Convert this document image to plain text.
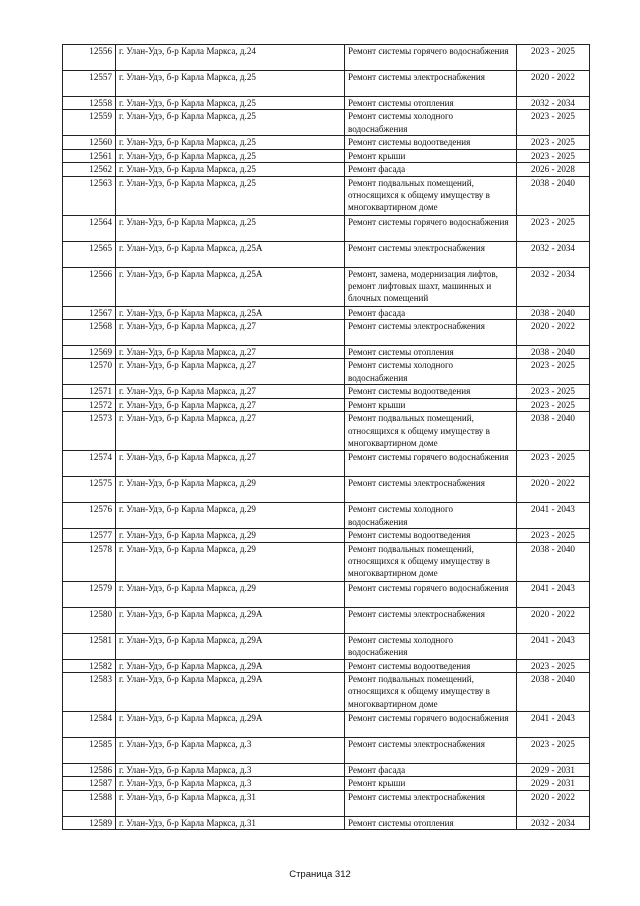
12556	г. Улан-Удэ, б-р Карла Маркса, д.24	Ремонт системы горячего водоснабжения	2023 - 2025
12557	г. Улан-Удэ, б-р Карла Маркса, д.25	Ремонт системы электроснабжения	2020 - 2022
12558	г. Улан-Удэ, б-р Карла Маркса, д.25	Ремонт системы отопления	2032 - 2034
12559	г. Улан-Удэ, б-р Карла Маркса, д.25	Ремонт системы холодного водоснабжения	2023 - 2025
12560	г. Улан-Удэ, б-р Карла Маркса, д.25	Ремонт системы водоотведения	2023 - 2025
12561	г. Улан-Удэ, б-р Карла Маркса, д.25	Ремонт крыши	2023 - 2025
12562	г. Улан-Удэ, б-р Карла Маркса, д.25	Ремонт фасада	2026 - 2028
12563	г. Улан-Удэ, б-р Карла Маркса, д.25	Ремонт подвальных помещений, относящихся к общему имуществу в многоквартирном доме	2038 - 2040
12564	г. Улан-Удэ, б-р Карла Маркса, д.25	Ремонт системы горячего водоснабжения	2023 - 2025
12565	г. Улан-Удэ, б-р Карла Маркса, д.25А	Ремонт системы электроснабжения	2032 - 2034
12566	г. Улан-Удэ, б-р Карла Маркса, д.25А	Ремонт, замена, модернизация лифтов, ремонт лифтовых шахт, машинных и блочных помещений	2032 - 2034
12567	г. Улан-Удэ, б-р Карла Маркса, д.25А	Ремонт фасада	2038 - 2040
12568	г. Улан-Удэ, б-р Карла Маркса, д.27	Ремонт системы электроснабжения	2020 - 2022
12569	г. Улан-Удэ, б-р Карла Маркса, д.27	Ремонт системы отопления	2038 - 2040
12570	г. Улан-Удэ, б-р Карла Маркса, д.27	Ремонт системы холодного водоснабжения	2023 - 2025
12571	г. Улан-Удэ, б-р Карла Маркса, д.27	Ремонт системы водоотведения	2023 - 2025
12572	г. Улан-Удэ, б-р Карла Маркса, д.27	Ремонт крыши	2023 - 2025
12573	г. Улан-Удэ, б-р Карла Маркса, д.27	Ремонт подвальных помещений, относящихся к общему имуществу в многоквартирном доме	2038 - 2040
12574	г. Улан-Удэ, б-р Карла Маркса, д.27	Ремонт системы горячего водоснабжения	2023 - 2025
12575	г. Улан-Удэ, б-р Карла Маркса, д.29	Ремонт системы электроснабжения	2020 - 2022
12576	г. Улан-Удэ, б-р Карла Маркса, д.29	Ремонт системы холодного водоснабжения	2041 - 2043
12577	г. Улан-Удэ, б-р Карла Маркса, д.29	Ремонт системы водоотведения	2023 - 2025
12578	г. Улан-Удэ, б-р Карла Маркса, д.29	Ремонт подвальных помещений, относящихся к общему имуществу в многоквартирном доме	2038 - 2040
12579	г. Улан-Удэ, б-р Карла Маркса, д.29	Ремонт системы горячего водоснабжения	2041 - 2043
12580	г. Улан-Удэ, б-р Карла Маркса, д.29А	Ремонт системы электроснабжения	2020 - 2022
12581	г. Улан-Удэ, б-р Карла Маркса, д.29А	Ремонт системы холодного водоснабжения	2041 - 2043
12582	г. Улан-Удэ, б-р Карла Маркса, д.29А	Ремонт системы водоотведения	2023 - 2025
12583	г. Улан-Удэ, б-р Карла Маркса, д.29А	Ремонт подвальных помещений, относящихся к общему имуществу в многоквартирном доме	2038 - 2040
12584	г. Улан-Удэ, б-р Карла Маркса, д.29А	Ремонт системы горячего водоснабжения	2041 - 2043
12585	г. Улан-Удэ, б-р Карла Маркса, д.3	Ремонт системы электроснабжения	2023 - 2025
12586	г. Улан-Удэ, б-р Карла Маркса, д.3	Ремонт фасада	2029 - 2031
12587	г. Улан-Удэ, б-р Карла Маркса, д.3	Ремонт крыши	2029 - 2031
12588	г. Улан-Удэ, б-р Карла Маркса, д.31	Ремонт системы электроснабжения	2020 - 2022
12589	г. Улан-Удэ, б-р Карла Маркса, д.31	Ремонт системы отопления	2032 - 2034
Страница 312
